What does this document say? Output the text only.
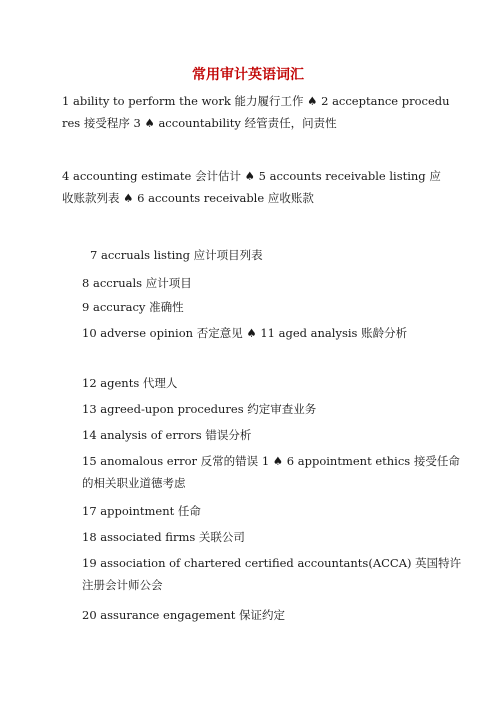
常用审计英语词汇
1 ability to perform the work 能力履行工作 ♠ 2 acceptance procedures 接受程序 3 ♠ accountability 经管责任，问责性
4 accounting estimate 会计估计 ♠ 5 accounts receivable listing 应收账款列表 ♠ 6 accounts receivable 应收账款
7 accruals listing 应计项目列表
8 accruals 应计项目
9 accuracy 准确性
10 adverse opinion 否定意见 ♠ 11 aged analysis 账龄分析
12 agents 代理人
13 agreed-upon procedures 约定审查业务
14 analysis of errors 错误分析
15 anomalous error 反常的错误 1 ♠ 6 appointment ethics 接受任命的相关职业道德考虑
17 appointment 任命
18 associated firms 关联公司
19 association of chartered certified accountants(ACCA) 英国特许注册会计师公会
20 assurance engagement 保证约定
